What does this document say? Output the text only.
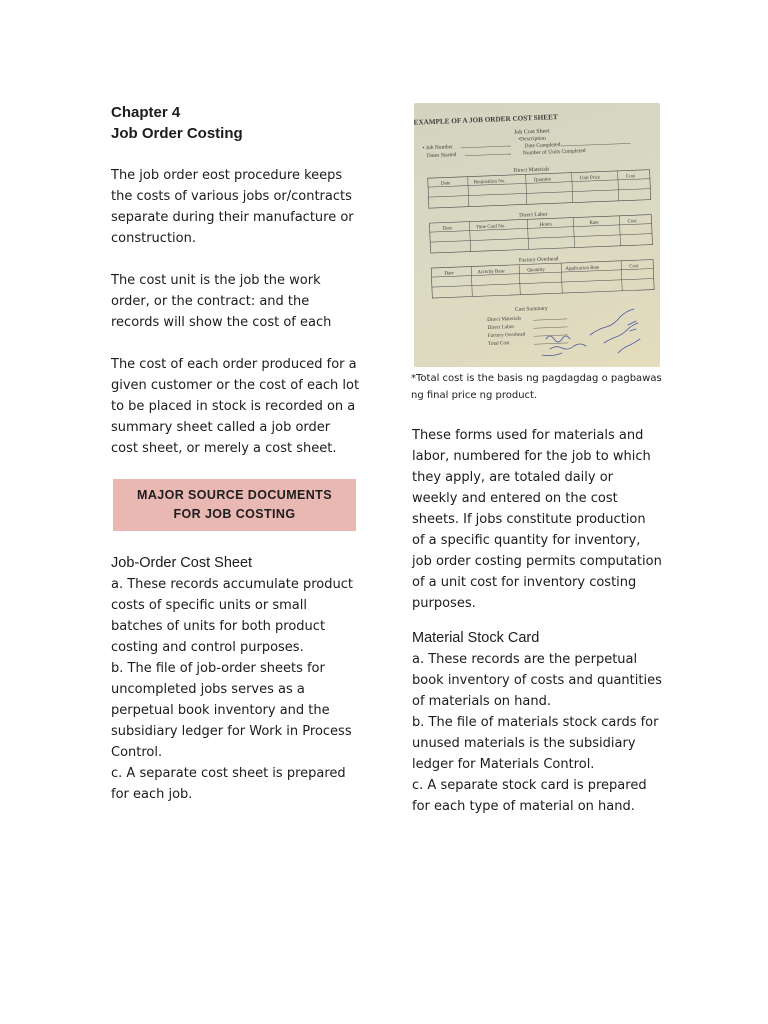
Chapter 4
Job Order Costing

The job order eost procedure keeps the costs of various jobs or/contracts separate during their manufacture or construction.

The cost unit is the job the work order, or the contract: and the records will show the cost of each

The cost of each order produced for a given customer or the cost of each lot to be placed in stock is recorded on a summary sheet called a job order cost sheet, or merely a cost sheet.

MAJOR SOURCE DOCUMENTS
FOR JOB COSTING

Job-Order Cost Sheet

a. These records accumulate product costs of specific units or small batches of units for both product costing and control purposes.

b. The file of job-order sheets for uncompleted jobs serves as a perpetual book inventory and the subsidiary ledger for Work in Process Control.

c. A separate cost sheet is prepared for each job.

*Total cost is the basis ng pagdagdag o pagbawas ng final price ng product.

These forms used for materials and labor, numbered for the job to which they apply, are totaled daily or weekly and entered on the cost sheets. If jobs constitute production of a specific quantity for inventory, job order costing permits computation of a unit cost for inventory costing purposes.

Material Stock Card

a. These records are the perpetual book inventory of costs and quantities of materials on hand.

b. The file of materials stock cards for unused materials is the subsidiary ledger for Materials Control.

c. A separate stock card is prepared for each type of material on hand.
